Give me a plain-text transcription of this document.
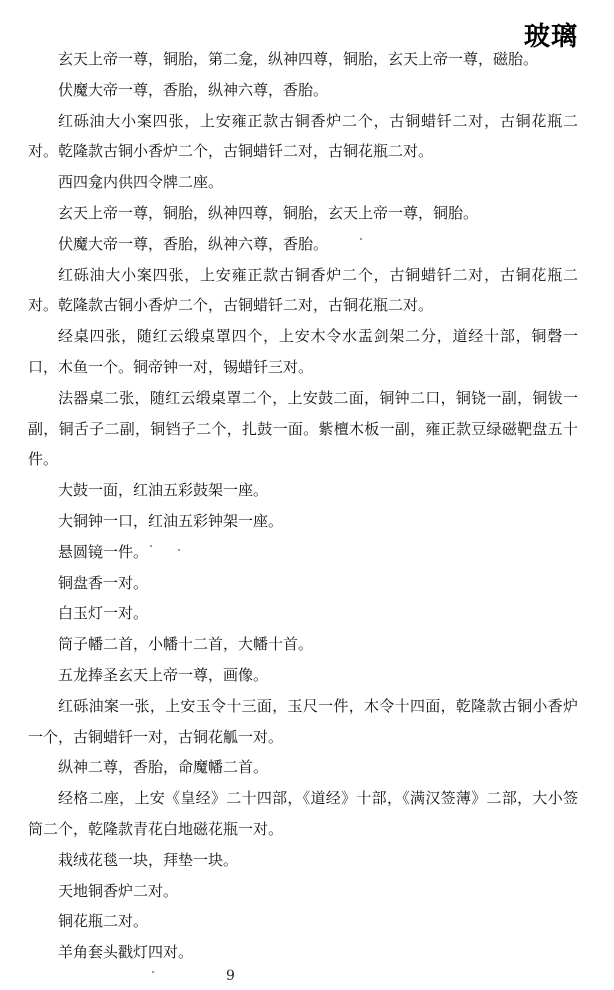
玻璃

玄天上帝一尊，铜胎，第二龛，纵神四尊，铜胎，玄天上帝一尊，磁胎。

伏魔大帝一尊，香胎，纵神六尊，香胎。

红砾油大小案四张，上安雍正款古铜香炉二个，古铜蜡钎二对，古铜花瓶二对。乾隆款古铜小香炉二个，古铜蜡钎二对，古铜花瓶二对。

西四龛内供四令牌二座。

玄天上帝一尊，铜胎，纵神四尊，铜胎，玄天上帝一尊，铜胎。

伏魔大帝一尊，香胎，纵神六尊，香胎。

红砾油大小案四张，上安雍正款古铜香炉二个，古铜蜡钎二对，古铜花瓶二对。乾隆款古铜小香炉二个，古铜蜡钎二对，古铜花瓶二对。

经桌四张，随红云缎桌罩四个，上安木令水盂剑架二分，道经十部，铜磬一口，木鱼一个。铜帝钟一对，锡蜡钎三对。

法器桌二张，随红云缎桌罩二个，上安鼓二面，铜钟二口，铜铙一副，铜钹一副，铜舌子二副，铜铛子二个，扎鼓一面。紫檀木板一副，雍正款豆绿磁靶盘五十件。

大鼓一面，红油五彩鼓架一座。

大铜钟一口，红油五彩钟架一座。

悬圆镜一件。

铜盘香一对。

白玉灯一对。

筒子幡二首，小幡十二首，大幡十首。

五龙捧圣玄天上帝一尊，画像。

红砾油案一张，上安玉令十三面，玉尺一件，木令十四面，乾隆款古铜小香炉一个，古铜蜡钎一对，古铜花觚一对。

纵神二尊，香胎，命魔幡二首。

经格二座，上安《皇经》二十四部，《道经》十部，《满汉签薄》二部，大小签筒二个，乾隆款青花白地磁花瓶一对。

栽绒花毯一块，拜垫一块。

天地铜香炉二对。

铜花瓶二对。

羊角套头戳灯四对。

9
